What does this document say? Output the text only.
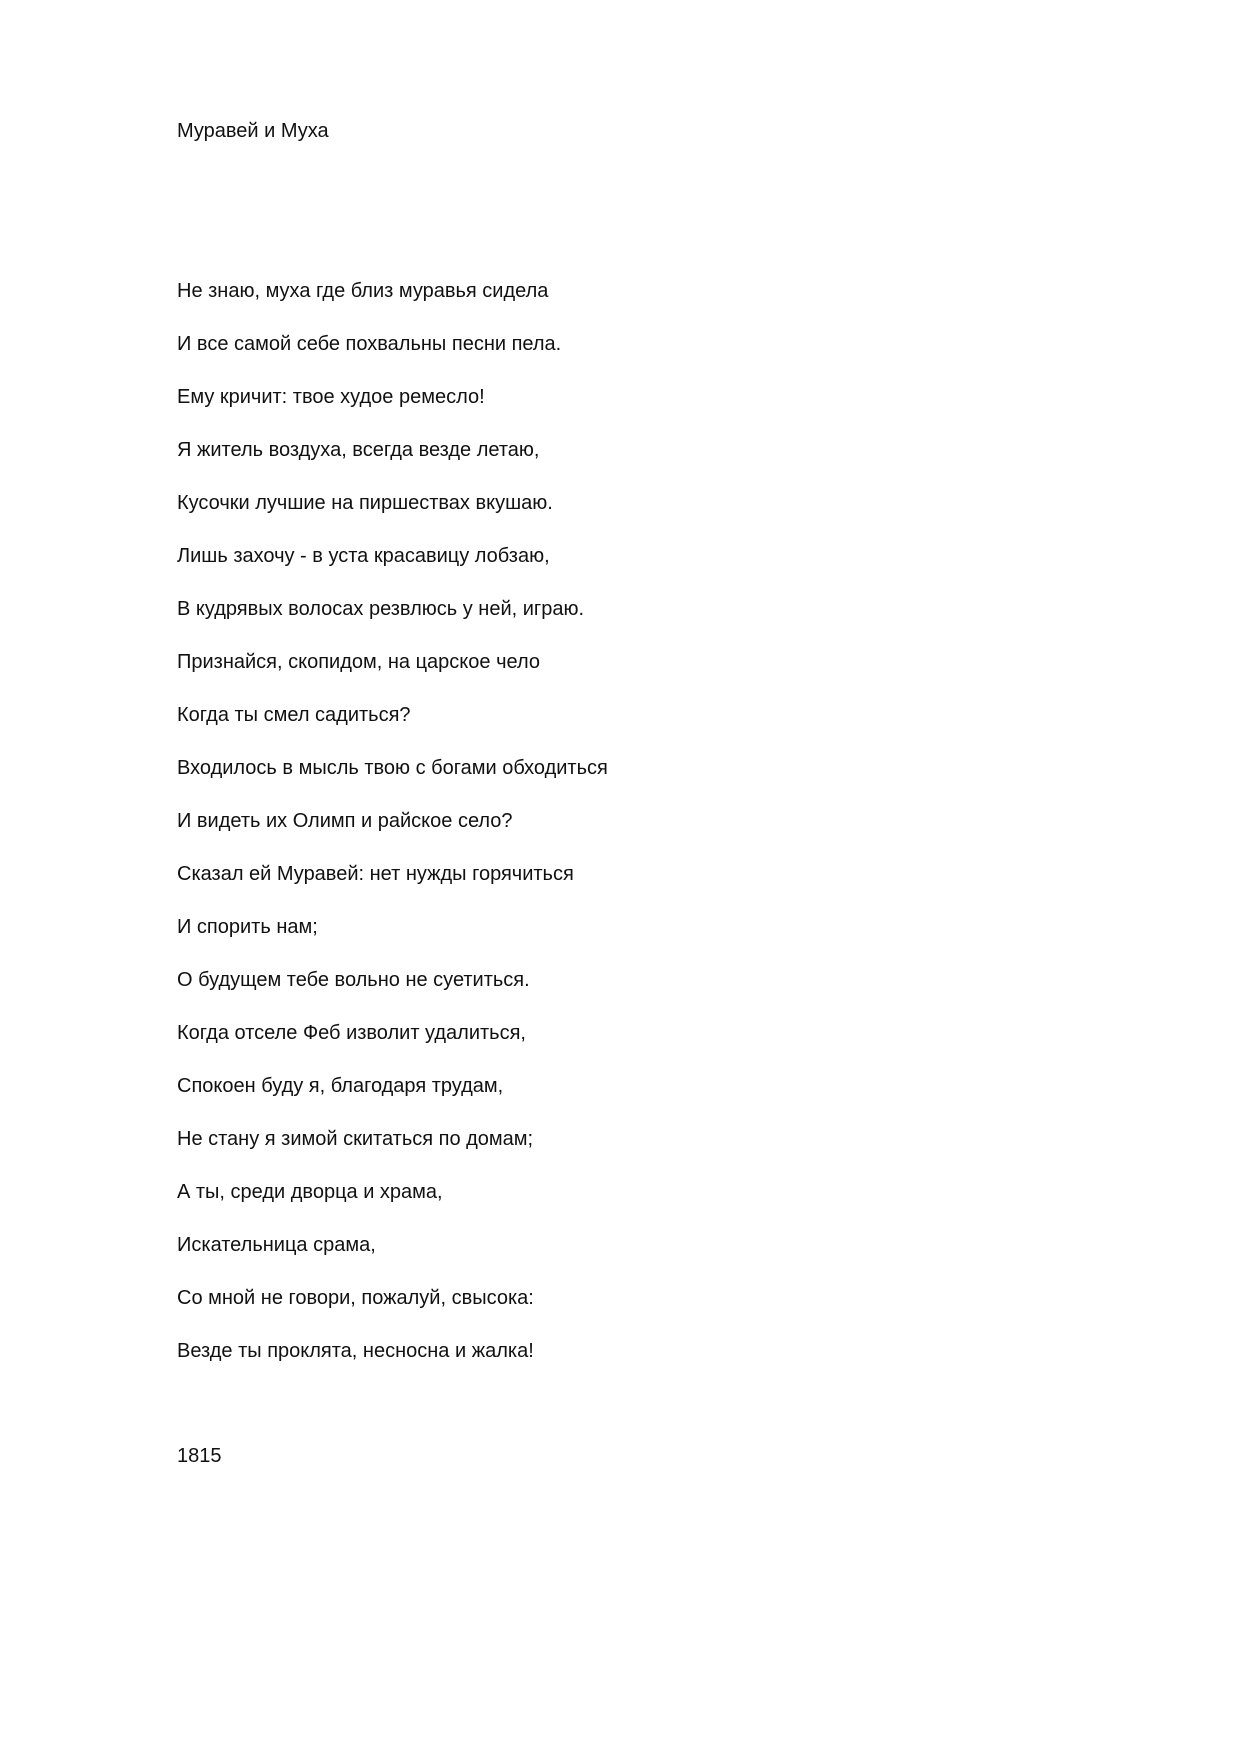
Муравей и Муха
Не знаю, муха где близ муравья сидела
И все самой себе похвальны песни пела.
Ему кричит: твое худое ремесло!
Я житель воздуха, всегда везде летаю,
Кусочки лучшие на пиршествах вкушаю.
Лишь захочу - в уста красавицу лобзаю,
В кудрявых волосах резвлюсь у ней, играю.
Признайся, скопидом, на царское чело
Когда ты смел садиться?
Входилось в мысль твою с богами обходиться
И видеть их Олимп и райское село?
Сказал ей Муравей: нет нужды горячиться
И спорить нам;
О будущем тебе вольно не суетиться.
Когда отселе Феб изволит удалиться,
Спокоен буду я, благодаря трудам,
Не стану я зимой скитаться по домам;
А ты, среди дворца и храма,
Искательница срама,
Со мной не говори, пожалуй, свысока:
Везде ты проклята, несносна и жалка!
1815
